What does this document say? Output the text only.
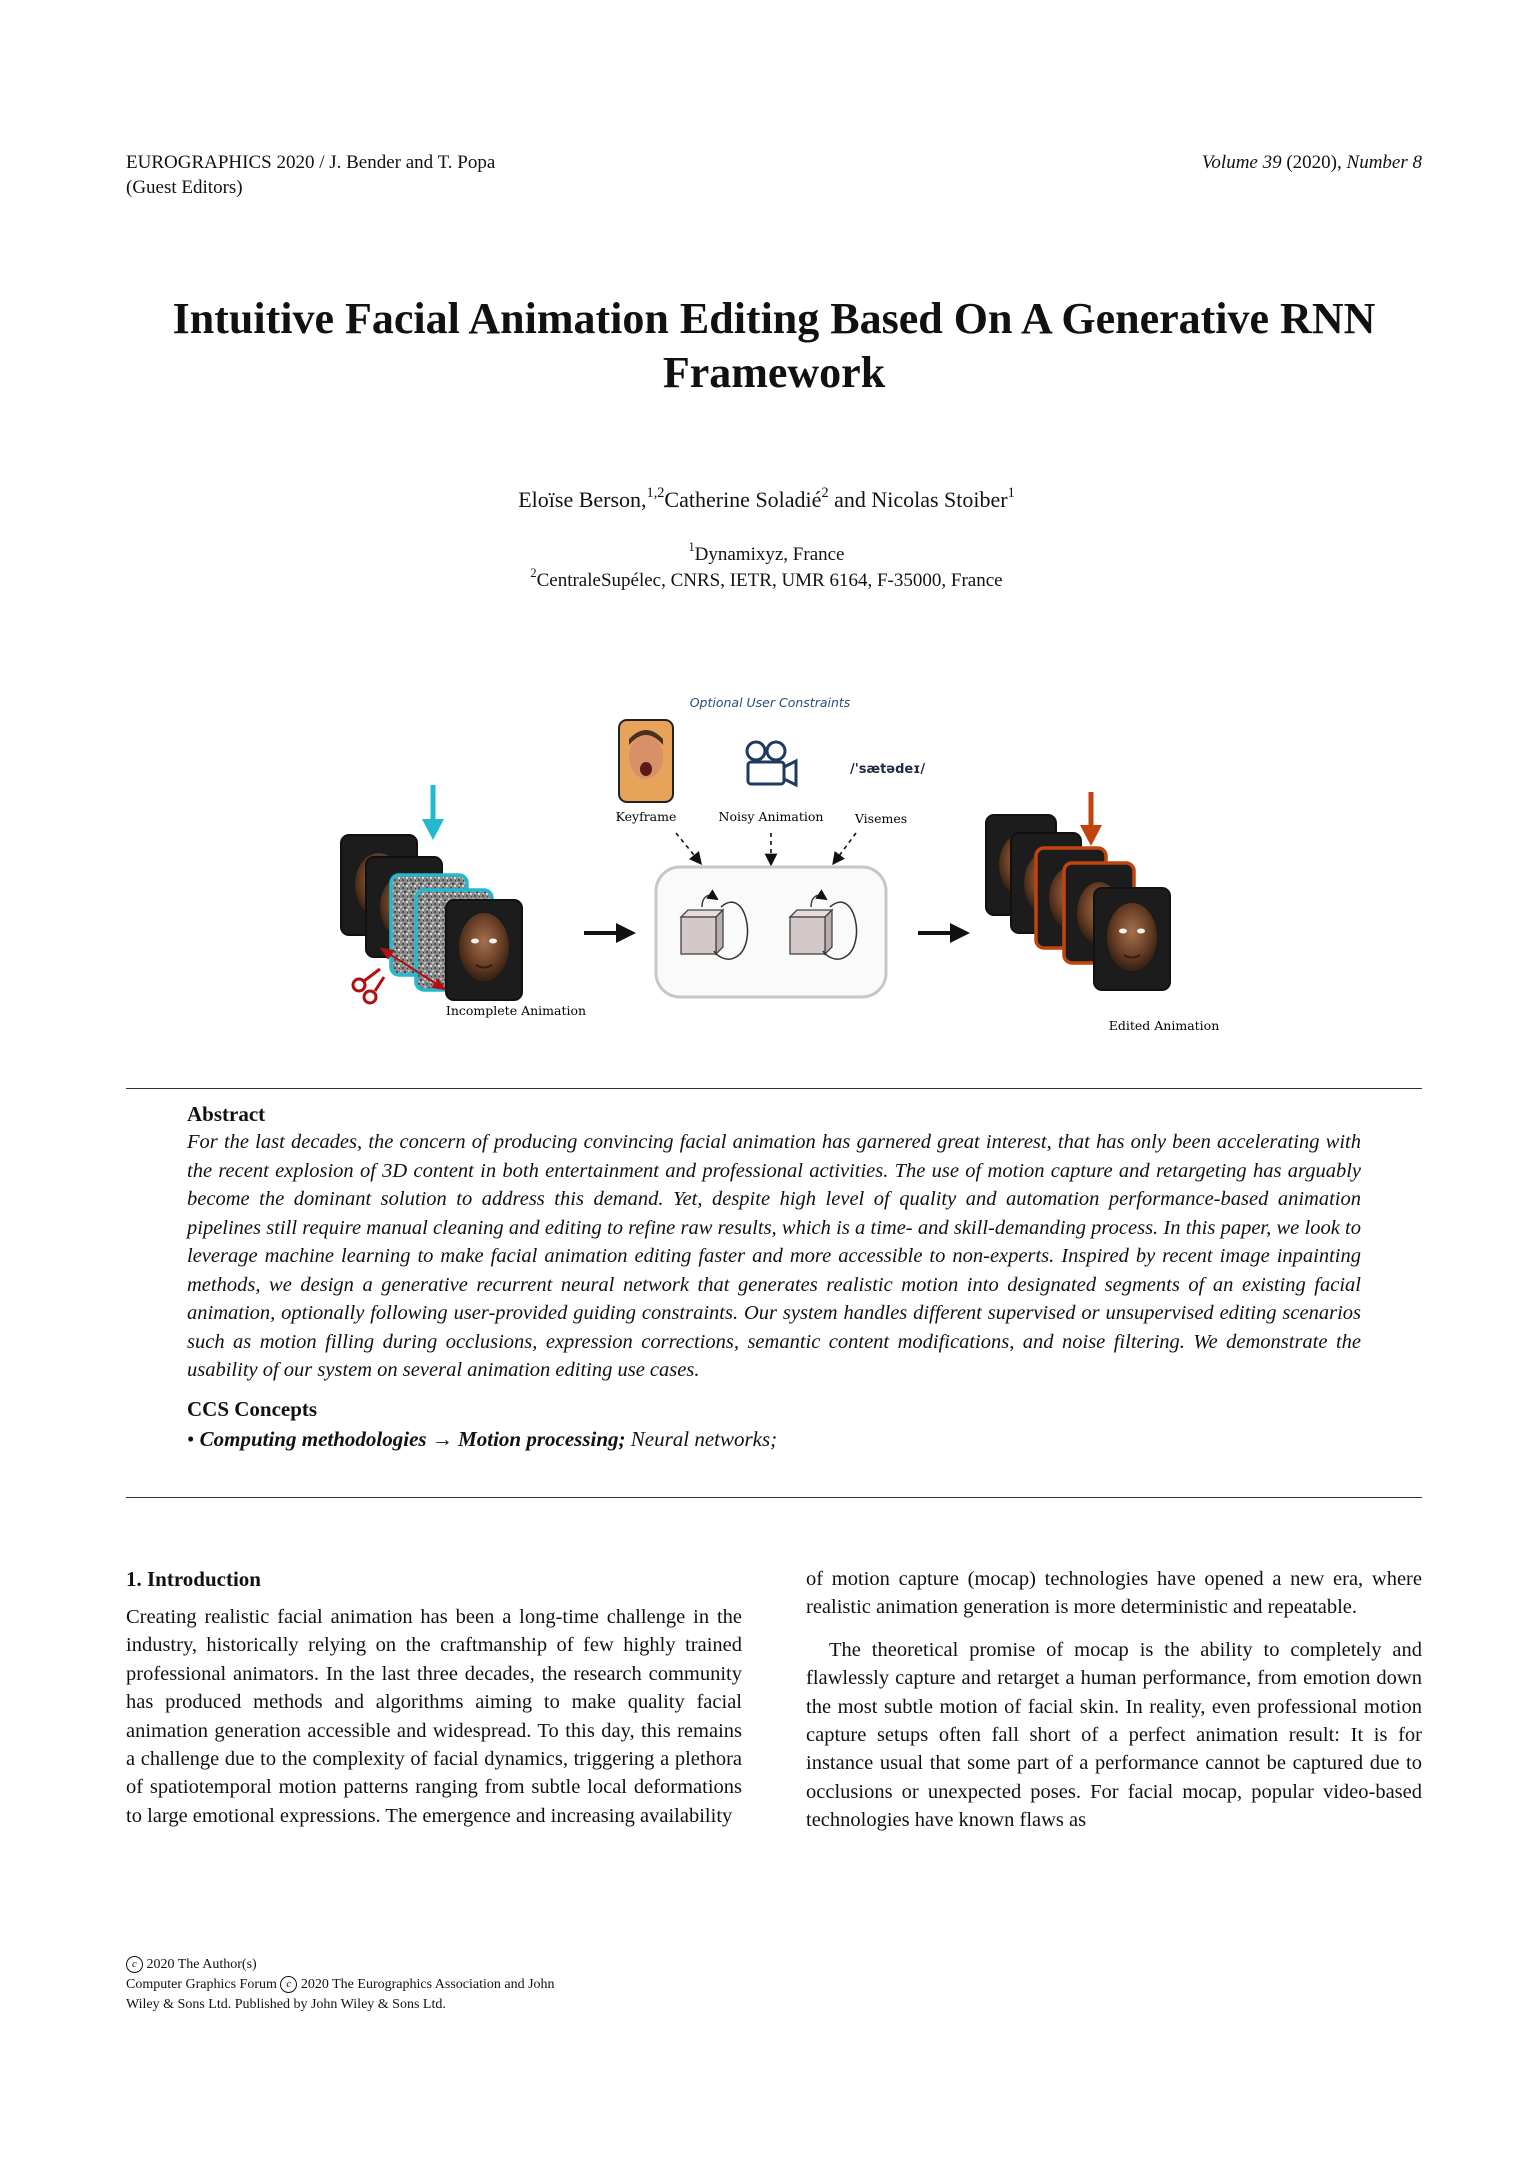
EUROGRAPHICS 2020 / J. Bender and T. Popa
(Guest Editors)
Volume 39 (2020), Number 8
Intuitive Facial Animation Editing Based On A Generative RNN Framework
Eloïse Berson,$^{1,2}$Catherine Soladié$^2$ and Nicolas Stoiber$^1$
$^1$Dynamixyz, France
$^2$CentraleSupélec, CNRS, IETR, UMR 6164, F-35000, France
Optional User Constraints
Keyframe	Noisy Animation
/'sætədeɪ/
Visemes
Incomplete Animation
Edited Animation
Abstract

For the last decades, the concern of producing convincing facial animation has garnered great interest, that has only been accelerating with the recent explosion of 3D content in both entertainment and professional activities. The use of motion capture and retargeting has arguably become the dominant solution to address this demand. Yet, despite high level of quality and automation performance-based animation pipelines still require manual cleaning and editing to refine raw results, which is a time- and skill-demanding process. In this paper, we look to leverage machine learning to make facial animation editing faster and more accessible to non-experts. Inspired by recent image inpainting methods, we design a generative recurrent neural network that generates realistic motion into designated segments of an existing facial animation, optionally following user-provided guiding constraints. Our system handles different supervised or unsupervised editing scenarios such as motion filling during occlusions, expression corrections, semantic content modifications, and noise filtering. We demonstrate the usability of our system on several animation editing use cases.

CCS Concepts
• Computing methodologies → Motion processing; Neural networks;

1. Introduction

Creating realistic facial animation has been a long-time challenge in the industry, historically relying on the craftmanship of few highly trained professional animators. In the last three decades, the research community has produced methods and algorithms aiming to make quality facial animation generation accessible and widespread. To this day, this remains a challenge due to the complexity of facial dynamics, triggering a plethora of spatiotemporal motion patterns ranging from subtle local deformations to large emotional expressions. The emergence and increasing availability

of motion capture (mocap) technologies have opened a new era, where realistic animation generation is more deterministic and repeatable.

The theoretical promise of mocap is the ability to completely and flawlessly capture and retarget a human performance, from emotion down the most subtle motion of facial skin. In reality, even professional motion capture setups often fall short of a perfect animation result: It is for instance usual that some part of a performance cannot be captured due to occlusions or unexpected poses. For facial mocap, popular video-based technologies have known flaws as

c 2020 The Author(s)
Computer Graphics Forum c 2020 The Eurographics Association and John
Wiley & Sons Ltd. Published by John Wiley & Sons Ltd.
